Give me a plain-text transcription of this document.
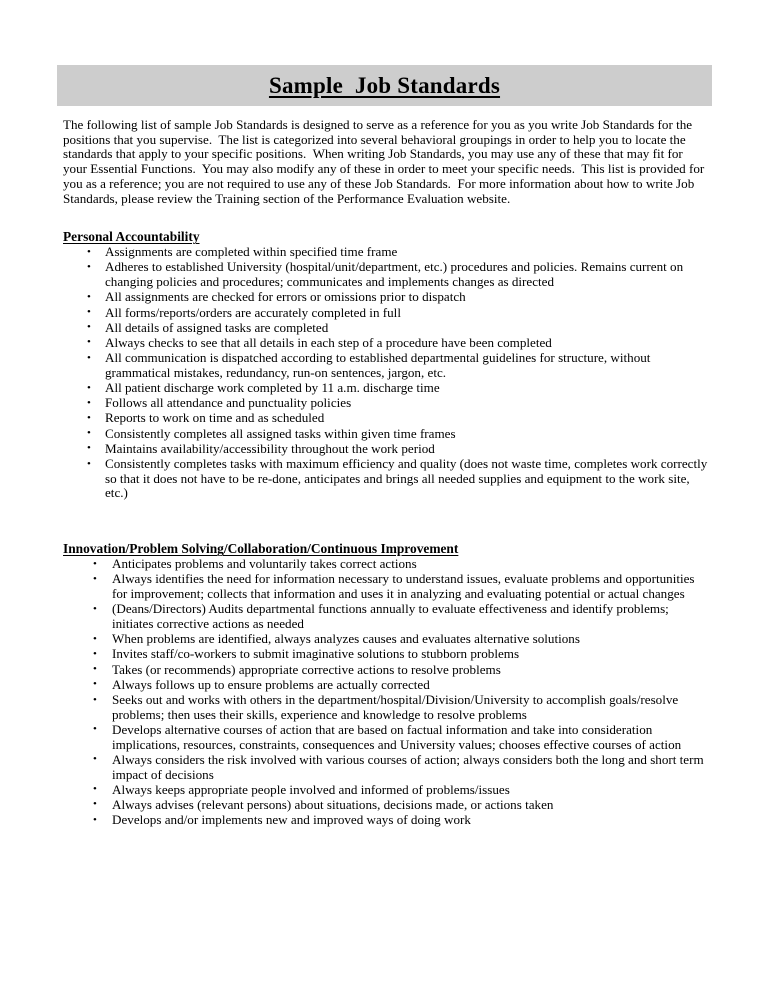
Sample  Job Standards

The following list of sample Job Standards is designed to serve as a reference for you as you write Job Standards for the positions that you supervise.  The list is categorized into several behavioral groupings in order to help you to locate the standards that apply to your specific positions.  When writing Job Standards, you may use any of these that may fit for your Essential Functions.  You may also modify any of these in order to meet your specific needs.  This list is provided for you as a reference; you are not required to use any of these Job Standards.  For more information about how to write Job Standards, please review the Training section of the Performance Evaluation website.

Personal Accountability
• Assignments are completed within specified time frame
• Adheres to established University (hospital/unit/department, etc.) procedures and policies. Remains current on changing policies and procedures; communicates and implements changes as directed
• All assignments are checked for errors or omissions prior to dispatch
• All forms/reports/orders are accurately completed in full
• All details of assigned tasks are completed
• Always checks to see that all details in each step of a procedure have been completed
• All communication is dispatched according to established departmental guidelines for structure, without grammatical mistakes, redundancy, run-on sentences, jargon, etc.
• All patient discharge work completed by 11 a.m. discharge time
• Follows all attendance and punctuality policies
• Reports to work on time and as scheduled
• Consistently completes all assigned tasks within given time frames
• Maintains availability/accessibility throughout the work period
• Consistently completes tasks with maximum efficiency and quality (does not waste time, completes work correctly so that it does not have to be re-done, anticipates and brings all needed supplies and equipment to the work site, etc.)
Innovation/Problem Solving/Collaboration/Continuous Improvement
• Anticipates problems and voluntarily takes correct actions
• Always identifies the need for information necessary to understand issues, evaluate problems and opportunities for improvement; collects that information and uses it in analyzing and evaluating potential or actual changes
• (Deans/Directors) Audits departmental functions annually to evaluate effectiveness and identify problems; initiates corrective actions as needed
• When problems are identified, always analyzes causes and evaluates alternative solutions
• Invites staff/co-workers to submit imaginative solutions to stubborn problems
• Takes (or recommends) appropriate corrective actions to resolve problems
• Always follows up to ensure problems are actually corrected
• Seeks out and works with others in the department/hospital/Division/University to accomplish goals/resolve problems; then uses their skills, experience and knowledge to resolve problems
• Develops alternative courses of action that are based on factual information and take into consideration implications, resources, constraints, consequences and University values; chooses effective courses of action
• Always considers the risk involved with various courses of action; always considers both the long and short term impact of decisions
• Always keeps appropriate people involved and informed of problems/issues
• Always advises (relevant persons) about situations, decisions made, or actions taken
• Develops and/or implements new and improved ways of doing work
